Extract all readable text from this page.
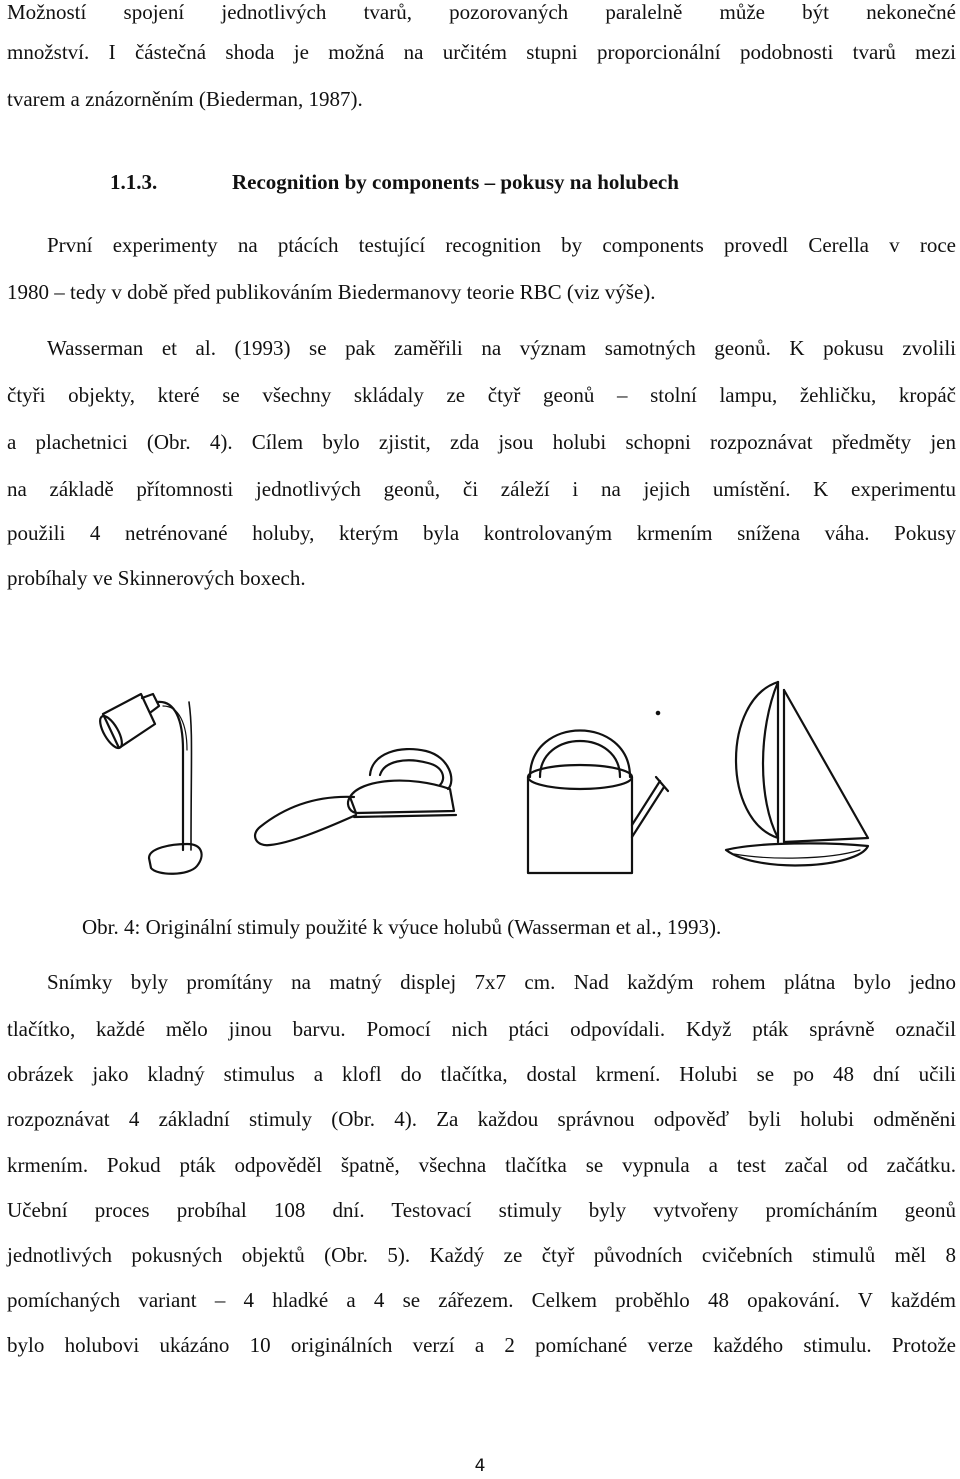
Možností spojení jednotlivých tvarů, pozorovaných paralelně může být nekonečné

množství. I částečná shoda je možná na určitém stupni proporcionální podobnosti tvarů mezi

tvarem a znázorněním (Biederman, 1987).

1.1.3.	Recognition by components – pokusy na holubech

První experimenty na ptácích testující recognition by components provedl Cerella v roce

1980 – tedy v době před publikováním Biedermanovy teorie RBC (viz výše).

Wasserman et al. (1993) se pak zaměřili na význam samotných geonů. K pokusu zvolili

čtyři objekty, které se všechny skládaly ze čtyř geonů – stolní lampu, žehličku, kropáč

a plachetnici (Obr. 4). Cílem bylo zjistit, zda jsou holubi schopni rozpoznávat předměty jen

na základě přítomnosti jednotlivých geonů, či záleží i na jejich umístění. K experimentu

použili 4 netrénované holuby, kterým byla kontrolovaným krmením snížena váha. Pokusy

probíhaly ve Skinnerových boxech.

Obr. 4: Originální stimuly použité k výuce holubů (Wasserman et al., 1993).

Snímky byly promítány na matný displej 7x7 cm. Nad každým rohem plátna bylo jedno

tlačítko, každé mělo jinou barvu. Pomocí nich ptáci odpovídali. Když pták správně označil

obrázek jako kladný stimulus a klofl do tlačítka, dostal krmení. Holubi se po 48 dní učili

rozpoznávat 4 základní stimuly (Obr. 4). Za každou správnou odpověď byli holubi odměněni

krmením. Pokud pták odpověděl špatně, všechna tlačítka se vypnula a test začal od začátku.

Učební proces probíhal 108 dní. Testovací stimuly byly vytvořeny promícháním geonů

jednotlivých pokusných objektů (Obr. 5). Každý ze čtyř původních cvičebních stimulů měl 8

pomíchaných variant – 4 hladké a 4 se zářezem. Celkem proběhlo 48 opakování. V každém

bylo holubovi ukázáno 10 originálních verzí a 2 pomíchané verze každého stimulu. Protože

4
